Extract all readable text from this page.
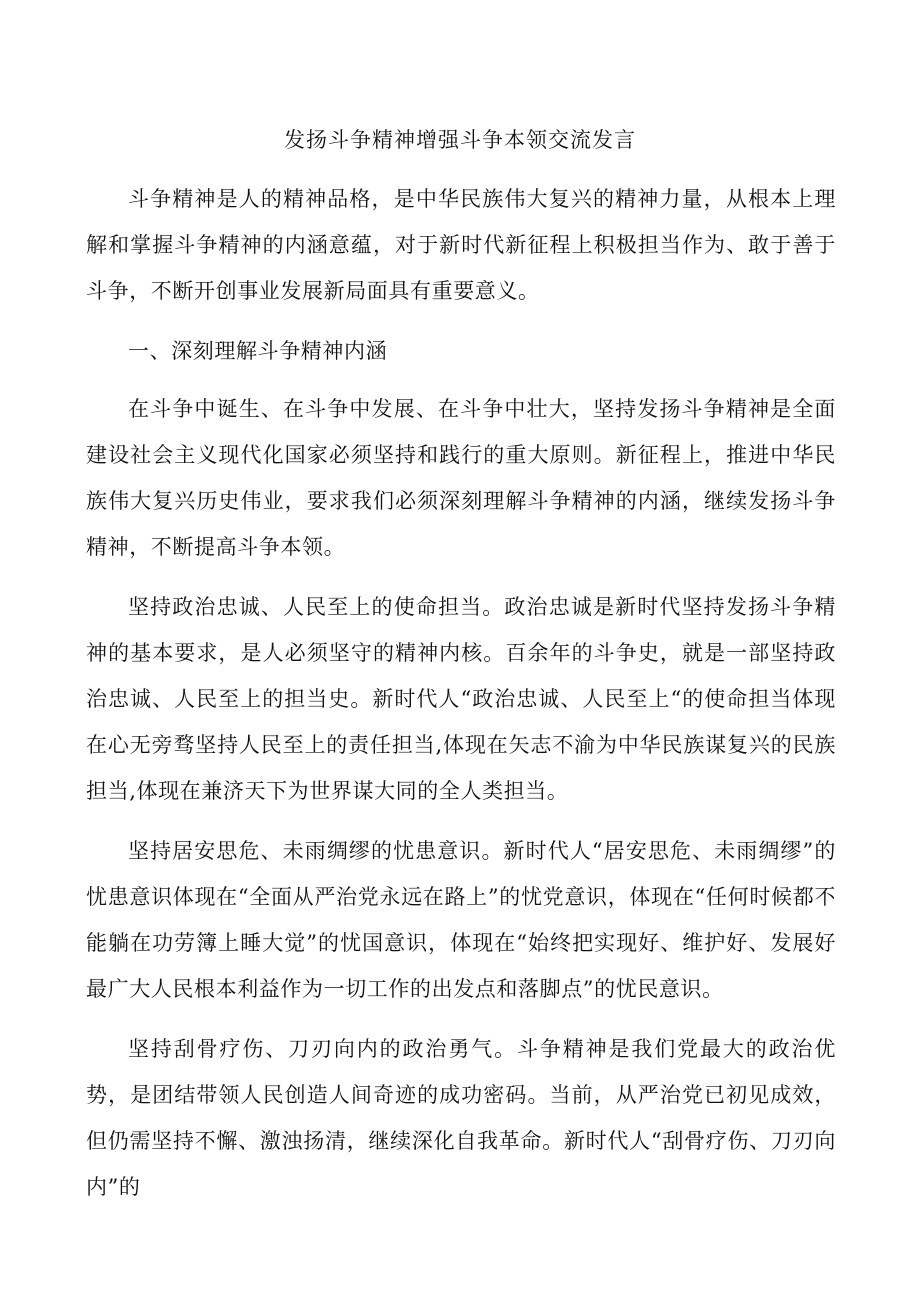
发扬斗争精神增强斗争本领交流发言

斗争精神是人的精神品格，是中华民族伟大复兴的精神力量，从根本上理解和掌握斗争精神的内涵意蕴，对于新时代新征程上积极担当作为、敢于善于斗争，不断开创事业发展新局面具有重要意义。

一、深刻理解斗争精神内涵

在斗争中诞生、在斗争中发展、在斗争中壮大，坚持发扬斗争精神是全面建设社会主义现代化国家必须坚持和践行的重大原则。新征程上，推进中华民族伟大复兴历史伟业，要求我们必须深刻理解斗争精神的内涵，继续发扬斗争精神，不断提高斗争本领。

坚持政治忠诚、人民至上的使命担当。政治忠诚是新时代坚持发扬斗争精神的基本要求，是人必须坚守的精神内核。百余年的斗争史，就是一部坚持政治忠诚、人民至上的担当史。新时代人“政治忠诚、人民至上“的使命担当体现在心无旁骛坚持人民至上的责任担当,体现在矢志不渝为中华民族谋复兴的民族担当,体现在兼济天下为世界谋大同的全人类担当。

坚持居安思危、未雨绸缪的忧患意识。新时代人“居安思危、未雨绸缪”的忧患意识体现在“全面从严治党永远在路上”的忧党意识，体现在“任何时候都不能躺在功劳簿上睡大觉”的忧国意识，体现在“始终把实现好、维护好、发展好最广大人民根本利益作为一切工作的出发点和落脚点”的忧民意识。

坚持刮骨疗伤、刀刃向内的政治勇气。斗争精神是我们党最大的政治优势，是团结带领人民创造人间奇迹的成功密码。当前，从严治党已初见成效，但仍需坚持不懈、激浊扬清，继续深化自我革命。新时代人“刮骨疗伤、刀刃向内”的
